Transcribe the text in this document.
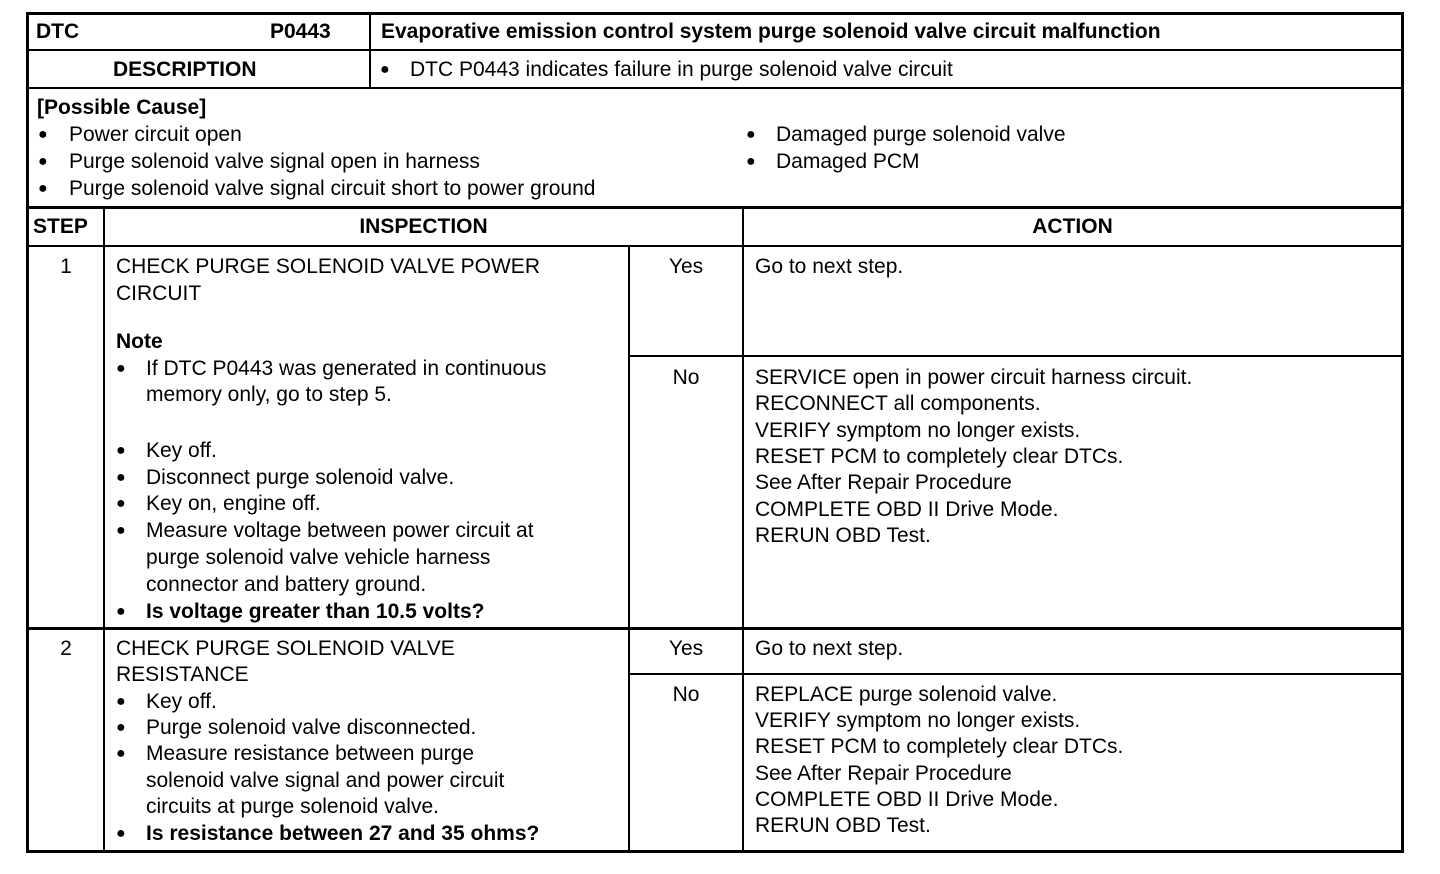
DTC	P0443 Evaporative emission control system purge solenoid valve circuit malfunction
DESCRIPTION	● DTC P0443 indicates failure in purge solenoid valve circuit
[Possible Cause]
● Power circuit open
● Purge solenoid valve signal open in harness
● Purge solenoid valve signal circuit short to power ground
● Damaged purge solenoid valve
● Damaged PCM
STEP	INSPECTION	ACTION
1	CHECK PURGE SOLENOID VALVE POWER
CIRCUIT
Note
● If DTC P0443 was generated in continuous
memory only, go to step 5.
● Key off.
● Disconnect purge solenoid valve.
● Key on, engine off.
● Measure voltage between power circuit at
purge solenoid valve vehicle harness
connector and battery ground.
● Is voltage greater than 10.5 volts?
Yes	Go to next step.
No	SERVICE open in power circuit harness circuit.
RECONNECT all components.
VERIFY symptom no longer exists.
RESET PCM to completely clear DTCs.
See After Repair Procedure
COMPLETE OBD II Drive Mode.
RERUN OBD Test.
2	CHECK PURGE SOLENOID VALVE
RESISTANCE
● Key off.
● Purge solenoid valve disconnected.
● Measure resistance between purge
solenoid valve signal and power circuit
circuits at purge solenoid valve.
● Is resistance between 27 and 35 ohms?
Yes	Go to next step.
No	REPLACE purge solenoid valve.
VERIFY symptom no longer exists.
RESET PCM to completely clear DTCs.
See After Repair Procedure
COMPLETE OBD II Drive Mode.
RERUN OBD Test.
